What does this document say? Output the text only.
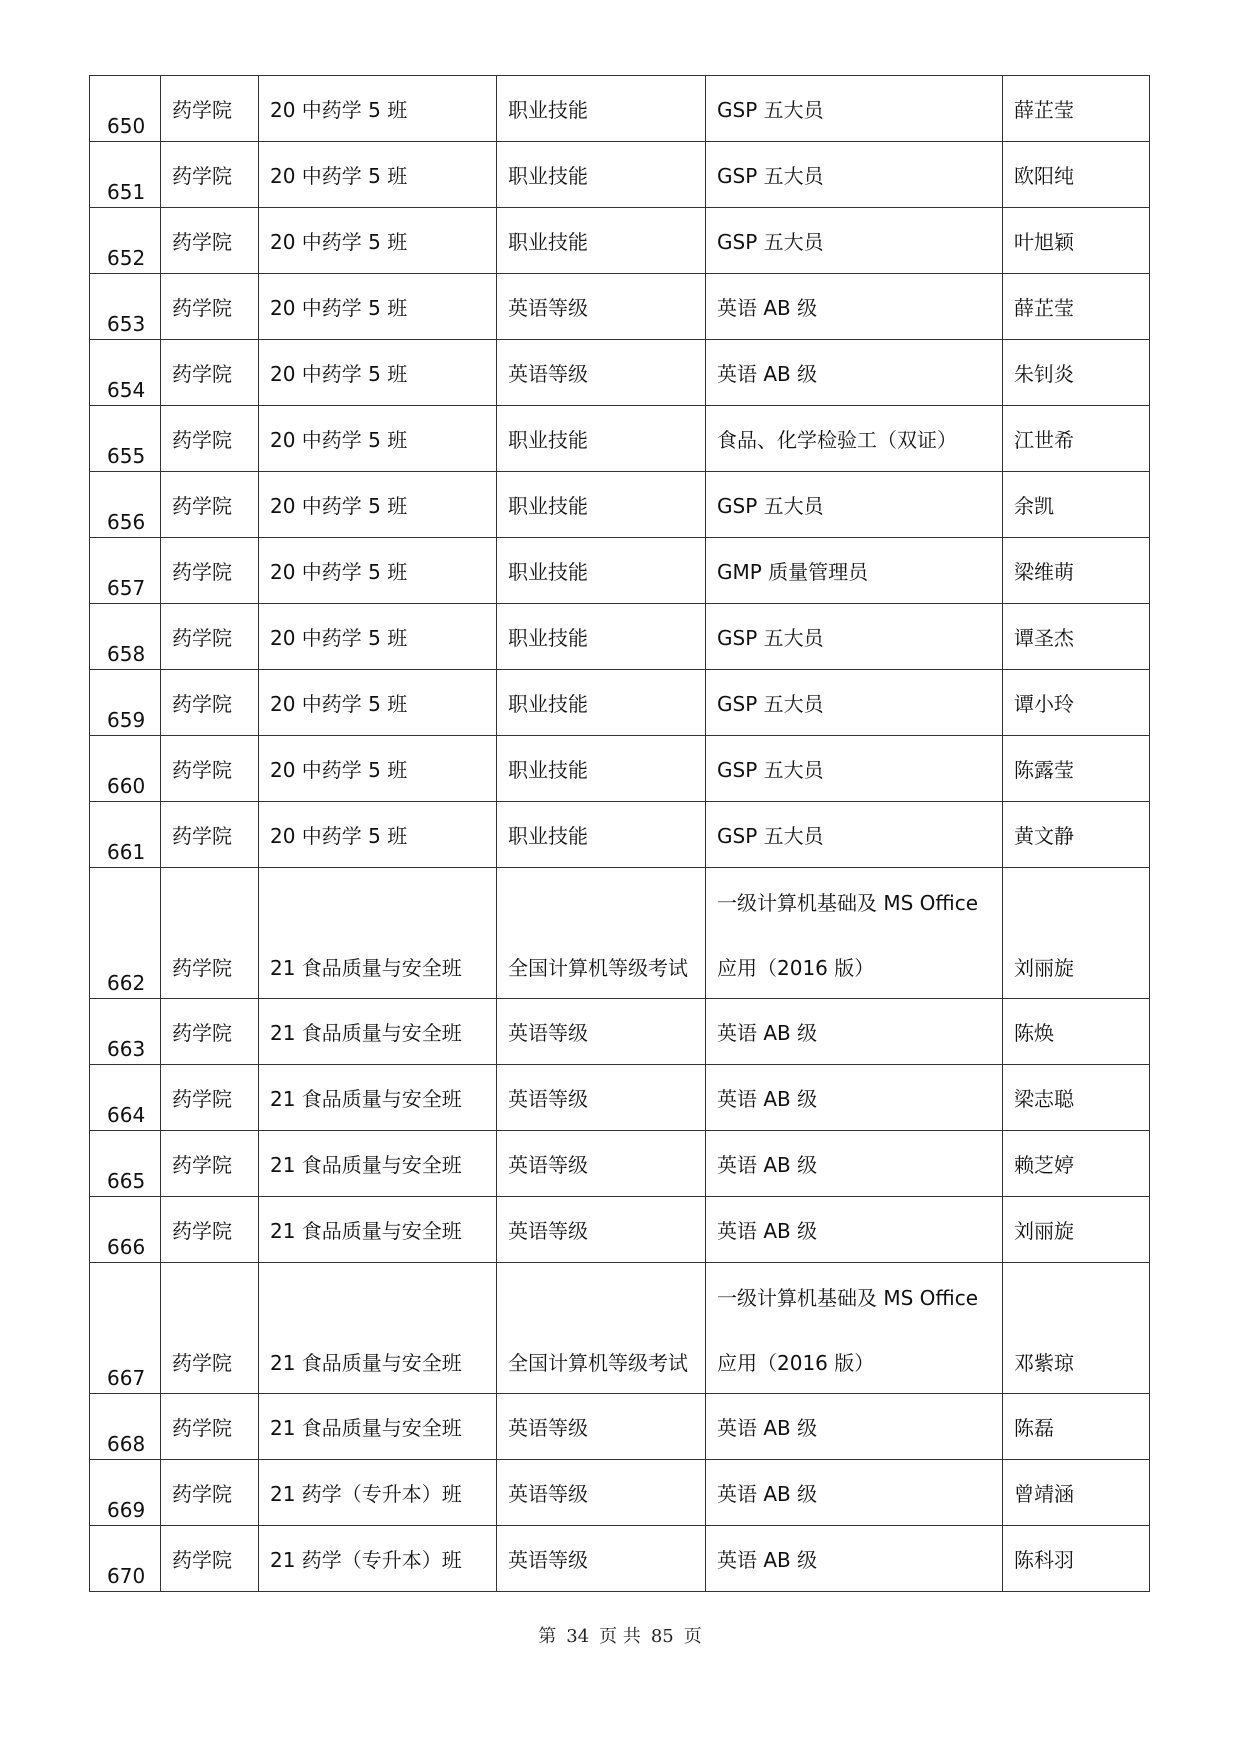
650	药学院	20 中药学 5 班	职业技能	GSP 五大员	薛芷莹

651	药学院	20 中药学 5 班	职业技能	GSP 五大员	欧阳纯

652	药学院	20 中药学 5 班	职业技能	GSP 五大员	叶旭颖

653	药学院	20 中药学 5 班	英语等级	英语 AB 级	薛芷莹

654	药学院	20 中药学 5 班	英语等级	英语 AB 级	朱钊炎

655	药学院	20 中药学 5 班	职业技能	食品、化学检验工（双证）	江世希

656	药学院	20 中药学 5 班	职业技能	GSP 五大员	余凯

657	药学院	20 中药学 5 班	职业技能	GMP 质量管理员	梁维萌

658	药学院	20 中药学 5 班	职业技能	GSP 五大员	谭圣杰

659	药学院	20 中药学 5 班	职业技能	GSP 五大员	谭小玲

660	药学院	20 中药学 5 班	职业技能	GSP 五大员	陈露莹

661	药学院	20 中药学 5 班	职业技能	GSP 五大员	黄文静

662	药学院	21 食品质量与安全班	全国计算机等级考试	一级计算机基础及 MS Office
应用（2016 版）	刘丽旋

663	药学院	21 食品质量与安全班	英语等级	英语 AB 级	陈焕

664	药学院	21 食品质量与安全班	英语等级	英语 AB 级	梁志聪

665	药学院	21 食品质量与安全班	英语等级	英语 AB 级	赖芝婷

666	药学院	21 食品质量与安全班	英语等级	英语 AB 级	刘丽旋

667	药学院	21 食品质量与安全班	全国计算机等级考试	一级计算机基础及 MS Office
应用（2016 版）	邓紫琼

668	药学院	21 食品质量与安全班	英语等级	英语 AB 级	陈磊

669	药学院	21 药学（专升本）班	英语等级	英语 AB 级	曾靖涵

670	药学院	21 药学（专升本）班	英语等级	英语 AB 级	陈科羽
第 34 页 共 85 页
